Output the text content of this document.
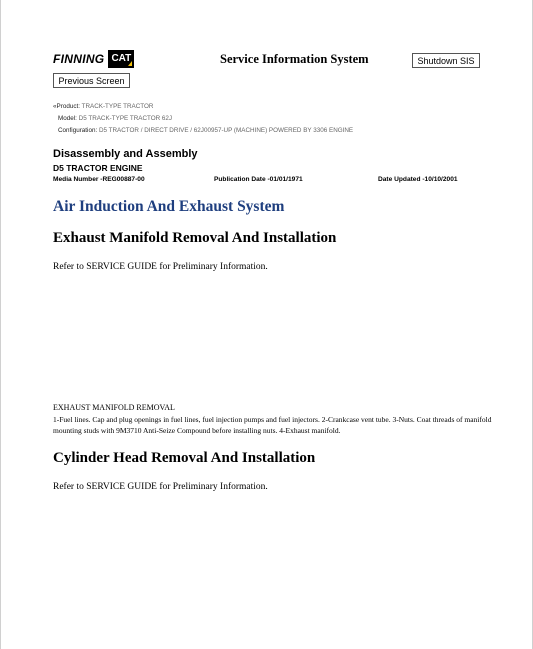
FINNING CAT
Previous Screen
Service Information System	Shutdown SIS
«Product: TRACK-TYPE TRACTOR
Model: D5 TRACK-TYPE TRACTOR 62J
Configuration: D5 TRACTOR / DIRECT DRIVE / 62J00957-UP (MACHINE) POWERED BY 3306 ENGINE
Disassembly and Assembly
D5 TRACTOR ENGINE
Media Number -REG00887-00	Publication Date -01/01/1971	Date Updated -10/10/2001
Air Induction And Exhaust System
Exhaust Manifold Removal And Installation
Refer to SERVICE GUIDE for Preliminary Information.
EXHAUST MANIFOLD REMOVAL
1-Fuel lines. Cap and plug openings in fuel lines, fuel injection pumps and fuel injectors. 2-Crankcase vent tube. 3-Nuts. Coat threads of manifold mounting studs with 9M3710 Anti-Seize Compound before installing nuts. 4-Exhaust manifold.
Cylinder Head Removal And Installation
Refer to SERVICE GUIDE for Preliminary Information.
